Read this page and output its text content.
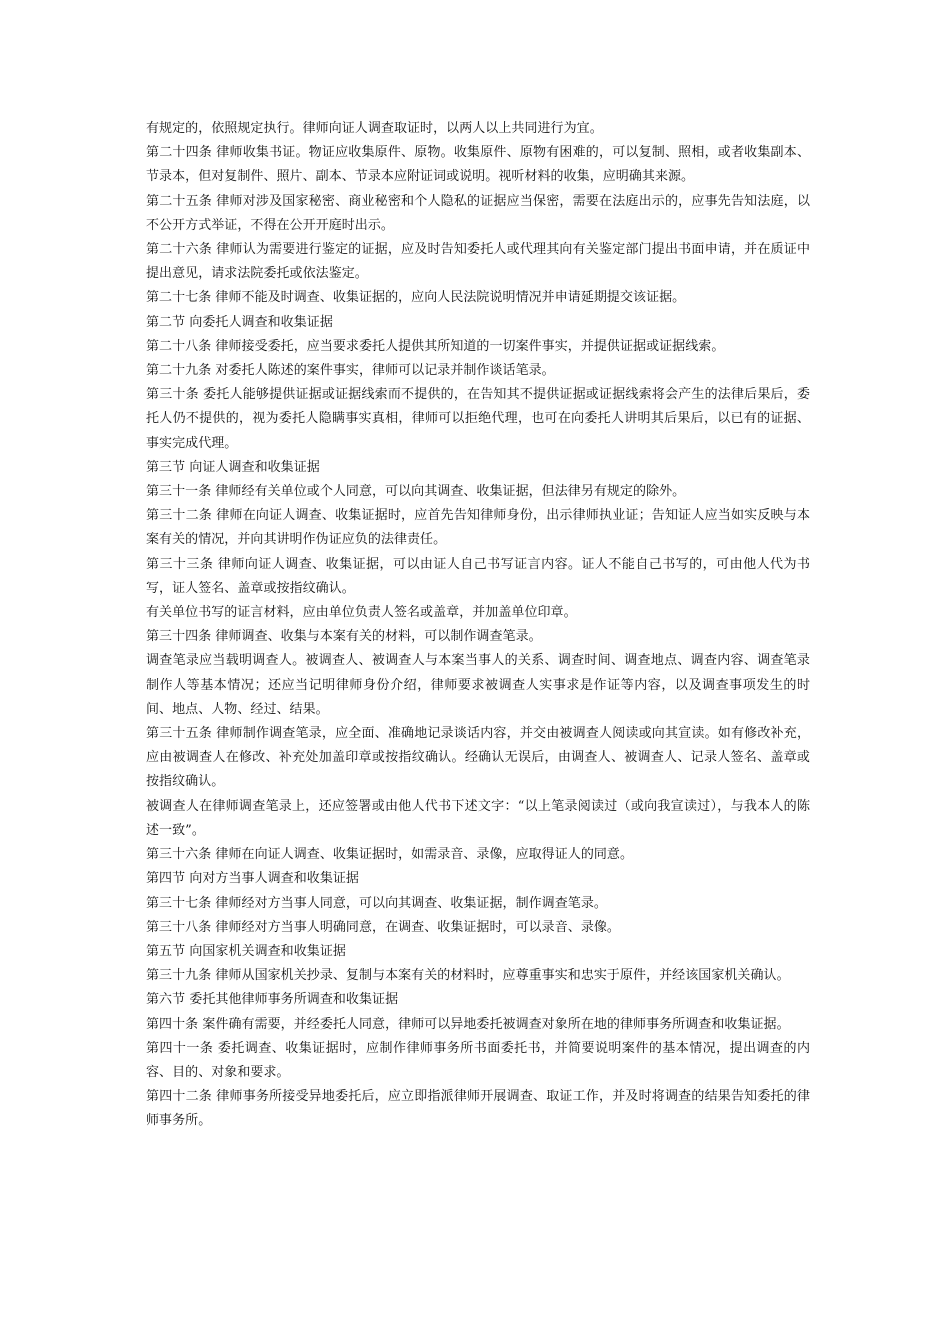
有规定的，依照规定执行。律师向证人调查取证时，以两人以上共同进行为宜。

第二十四条 律师收集书证。物证应收集原件、原物。收集原件、原物有困难的，可以复制、照相，或者收集副本、节录本，但对复制件、照片、副本、节录本应附证词或说明。视听材料的收集，应明确其来源。

第二十五条 律师对涉及国家秘密、商业秘密和个人隐私的证据应当保密，需要在法庭出示的，应事先告知法庭，以不公开方式举证，不得在公开开庭时出示。

第二十六条 律师认为需要进行鉴定的证据，应及时告知委托人或代理其向有关鉴定部门提出书面申请，并在质证中提出意见，请求法院委托或依法鉴定。

第二十七条 律师不能及时调查、收集证据的，应向人民法院说明情况并申请延期提交该证据。

第二节 向委托人调查和收集证据

第二十八条 律师接受委托，应当要求委托人提供其所知道的一切案件事实，并提供证据或证据线索。

第二十九条 对委托人陈述的案件事实，律师可以记录并制作谈话笔录。

第三十条 委托人能够提供证据或证据线索而不提供的，在告知其不提供证据或证据线索将会产生的法律后果后，委托人仍不提供的，视为委托人隐瞒事实真相，律师可以拒绝代理，也可在向委托人讲明其后果后，以已有的证据、事实完成代理。

第三节 向证人调查和收集证据

第三十一条 律师经有关单位或个人同意，可以向其调查、收集证据，但法律另有规定的除外。

第三十二条 律师在向证人调查、收集证据时，应首先告知律师身份，出示律师执业证；告知证人应当如实反映与本案有关的情况，并向其讲明作伪证应负的法律责任。

第三十三条 律师向证人调查、收集证据，可以由证人自己书写证言内容。证人不能自己书写的，可由他人代为书写，证人签名、盖章或按指纹确认。

有关单位书写的证言材料，应由单位负责人签名或盖章，并加盖单位印章。

第三十四条 律师调查、收集与本案有关的材料，可以制作调查笔录。

调查笔录应当载明调查人。被调查人、被调查人与本案当事人的关系、调查时间、调查地点、调查内容、调查笔录制作人等基本情况；还应当记明律师身份介绍，律师要求被调查人实事求是作证等内容，以及调查事项发生的时间、地点、人物、经过、结果。

第三十五条 律师制作调查笔录，应全面、准确地记录谈话内容，并交由被调查人阅读或向其宣读。如有修改补充，应由被调查人在修改、补充处加盖印章或按指纹确认。经确认无误后，由调查人、被调查人、记录人签名、盖章或按指纹确认。

被调查人在律师调查笔录上，还应签署或由他人代书下述文字：“以上笔录阅读过（或向我宣读过），与我本人的陈述一致”。

第三十六条 律师在向证人调查、收集证据时，如需录音、录像，应取得证人的同意。

第四节 向对方当事人调查和收集证据

第三十七条 律师经对方当事人同意，可以向其调查、收集证据，制作调查笔录。

第三十八条 律师经对方当事人明确同意，在调查、收集证据时，可以录音、录像。

第五节 向国家机关调查和收集证据

第三十九条 律师从国家机关抄录、复制与本案有关的材料时，应尊重事实和忠实于原件，并经该国家机关确认。

第六节 委托其他律师事务所调查和收集证据

第四十条 案件确有需要，并经委托人同意，律师可以异地委托被调查对象所在地的律师事务所调查和收集证据。

第四十一条 委托调查、收集证据时，应制作律师事务所书面委托书，并简要说明案件的基本情况，提出调查的内容、目的、对象和要求。

第四十二条 律师事务所接受异地委托后，应立即指派律师开展调查、取证工作，并及时将调查的结果告知委托的律师事务所。
